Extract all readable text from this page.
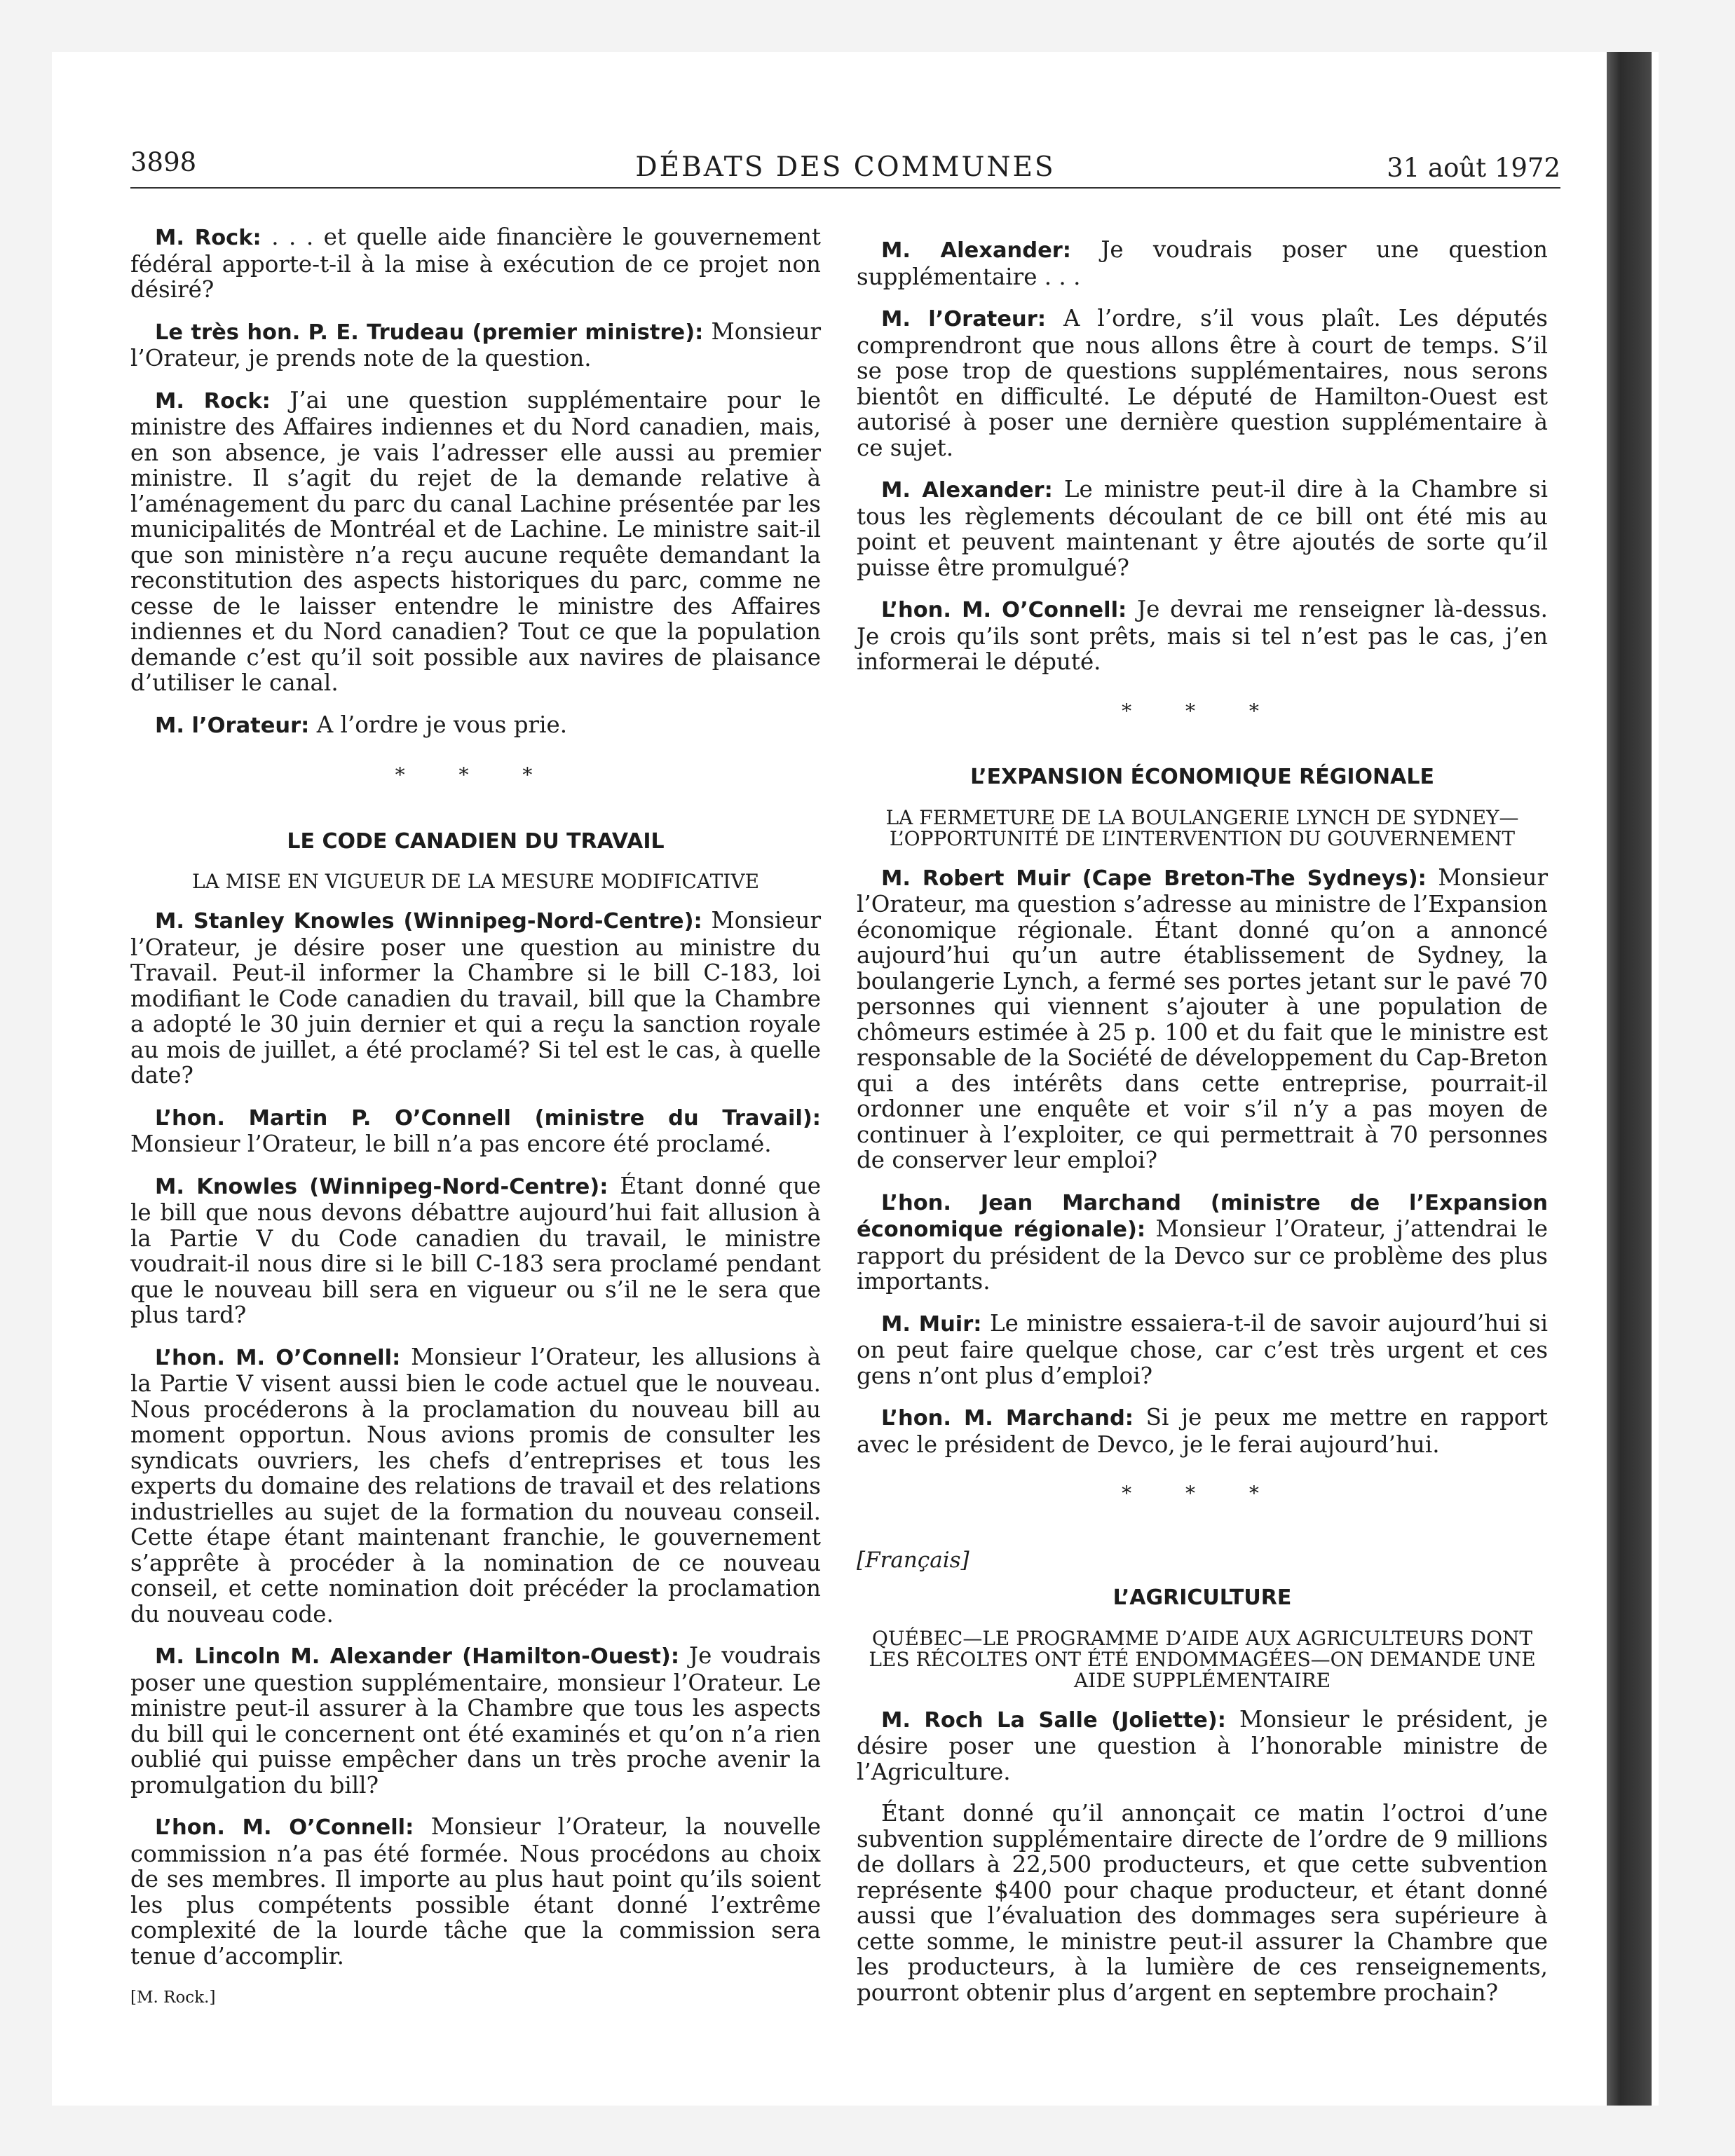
3898	DÉBATS DES COMMUNES	31 août 1972

M. Rock: . . . et quelle aide financière le gouvernement fédéral apporte-t-il à la mise à exécution de ce projet non désiré?

Le très hon. P. E. Trudeau (premier ministre): Monsieur l’Orateur, je prends note de la question.

M. Rock: J’ai une question supplémentaire pour le ministre des Affaires indiennes et du Nord canadien, mais, en son absence, je vais l’adresser elle aussi au premier ministre. Il s’agit du rejet de la demande relative à l’aménagement du parc du canal Lachine présentée par les municipalités de Montréal et de Lachine. Le ministre sait-il que son ministère n’a reçu aucune requête demandant la reconstitution des aspects historiques du parc, comme ne cesse de le laisser entendre le ministre des Affaires indiennes et du Nord canadien? Tout ce que la population demande c’est qu’il soit possible aux navires de plaisance d’utiliser le canal.

M. l’Orateur: A l’ordre je vous prie.

* * *
LE CODE CANADIEN DU TRAVAIL
LA MISE EN VIGUEUR DE LA MESURE MODIFICATIVE

M. Stanley Knowles (Winnipeg-Nord-Centre): Monsieur l’Orateur, je désire poser une question au ministre du Travail. Peut-il informer la Chambre si le bill C-183, loi modifiant le Code canadien du travail, bill que la Chambre a adopté le 30 juin dernier et qui a reçu la sanction royale au mois de juillet, a été proclamé? Si tel est le cas, à quelle date?

L’hon. Martin P. O’Connell (ministre du Travail): Monsieur l’Orateur, le bill n’a pas encore été proclamé.

M. Knowles (Winnipeg-Nord-Centre): Étant donné que le bill que nous devons débattre aujourd’hui fait allusion à la Partie V du Code canadien du travail, le ministre voudrait-il nous dire si le bill C-183 sera proclamé pendant que le nouveau bill sera en vigueur ou s’il ne le sera que plus tard?

L’hon. M. O’Connell: Monsieur l’Orateur, les allusions à la Partie V visent aussi bien le code actuel que le nouveau. Nous procéderons à la proclamation du nouveau bill au moment opportun. Nous avions promis de consulter les syndicats ouvriers, les chefs d’entreprises et tous les experts du domaine des relations de travail et des relations industrielles au sujet de la formation du nouveau conseil. Cette étape étant maintenant franchie, le gouvernement s’apprête à procéder à la nomination de ce nouveau conseil, et cette nomination doit précéder la proclamation du nouveau code.

M. Lincoln M. Alexander (Hamilton-Ouest): Je voudrais poser une question supplémentaire, monsieur l’Orateur. Le ministre peut-il assurer à la Chambre que tous les aspects du bill qui le concernent ont été examinés et qu’on n’a rien oublié qui puisse empêcher dans un très proche avenir la promulgation du bill?

L’hon. M. O’Connell: Monsieur l’Orateur, la nouvelle commission n’a pas été formée. Nous procédons au choix de ses membres. Il importe au plus haut point qu’ils soient les plus compétents possible étant donné l’extrême complexité de la lourde tâche que la commission sera tenue d’accomplir.

[M. Rock.]

M. Alexander: Je voudrais poser une question supplémentaire . . .

M. l’Orateur: A l’ordre, s’il vous plaît. Les députés comprendront que nous allons être à court de temps. S’il se pose trop de questions supplémentaires, nous serons bientôt en difficulté. Le député de Hamilton-Ouest est autorisé à poser une dernière question supplémentaire à ce sujet.

M. Alexander: Le ministre peut-il dire à la Chambre si tous les règlements découlant de ce bill ont été mis au point et peuvent maintenant y être ajoutés de sorte qu’il puisse être promulgué?

L’hon. M. O’Connell: Je devrai me renseigner là-dessus. Je crois qu’ils sont prêts, mais si tel n’est pas le cas, j’en informerai le député.

* * *
L’EXPANSION ÉCONOMIQUE RÉGIONALE
LA FERMETURE DE LA BOULANGERIE LYNCH DE SYDNEY—L’OPPORTUNITÉ DE L’INTERVENTION DU GOUVERNEMENT

M. Robert Muir (Cape Breton-The Sydneys): Monsieur l’Orateur, ma question s’adresse au ministre de l’Expansion économique régionale. Étant donné qu’on a annoncé aujourd’hui qu’un autre établissement de Sydney, la boulangerie Lynch, a fermé ses portes jetant sur le pavé 70 personnes qui viennent s’ajouter à une population de chômeurs estimée à 25 p. 100 et du fait que le ministre est responsable de la Société de développement du Cap-Breton qui a des intérêts dans cette entreprise, pourrait-il ordonner une enquête et voir s’il n’y a pas moyen de continuer à l’exploiter, ce qui permettrait à 70 personnes de conserver leur emploi?

L’hon. Jean Marchand (ministre de l’Expansion économique régionale): Monsieur l’Orateur, j’attendrai le rapport du président de la Devco sur ce problème des plus importants.

M. Muir: Le ministre essaiera-t-il de savoir aujourd’hui si on peut faire quelque chose, car c’est très urgent et ces gens n’ont plus d’emploi?

L’hon. M. Marchand: Si je peux me mettre en rapport avec le président de Devco, je le ferai aujourd’hui.

* * *
[Français]
L’AGRICULTURE
QUÉBEC—LE PROGRAMME D’AIDE AUX AGRICULTEURS DONT LES RÉCOLTES ONT ÉTÉ ENDOMMAGÉES—ON DEMANDE UNE AIDE SUPPLÉMENTAIRE

M. Roch La Salle (Joliette): Monsieur le président, je désire poser une question à l’honorable ministre de l’Agriculture.

Étant donné qu’il annonçait ce matin l’octroi d’une subvention supplémentaire directe de l’ordre de 9 millions de dollars à 22,500 producteurs, et que cette subvention représente $400 pour chaque producteur, et étant donné aussi que l’évaluation des dommages sera supérieure à cette somme, le ministre peut-il assurer la Chambre que les producteurs, à la lumière de ces renseignements, pourront obtenir plus d’argent en septembre prochain?
